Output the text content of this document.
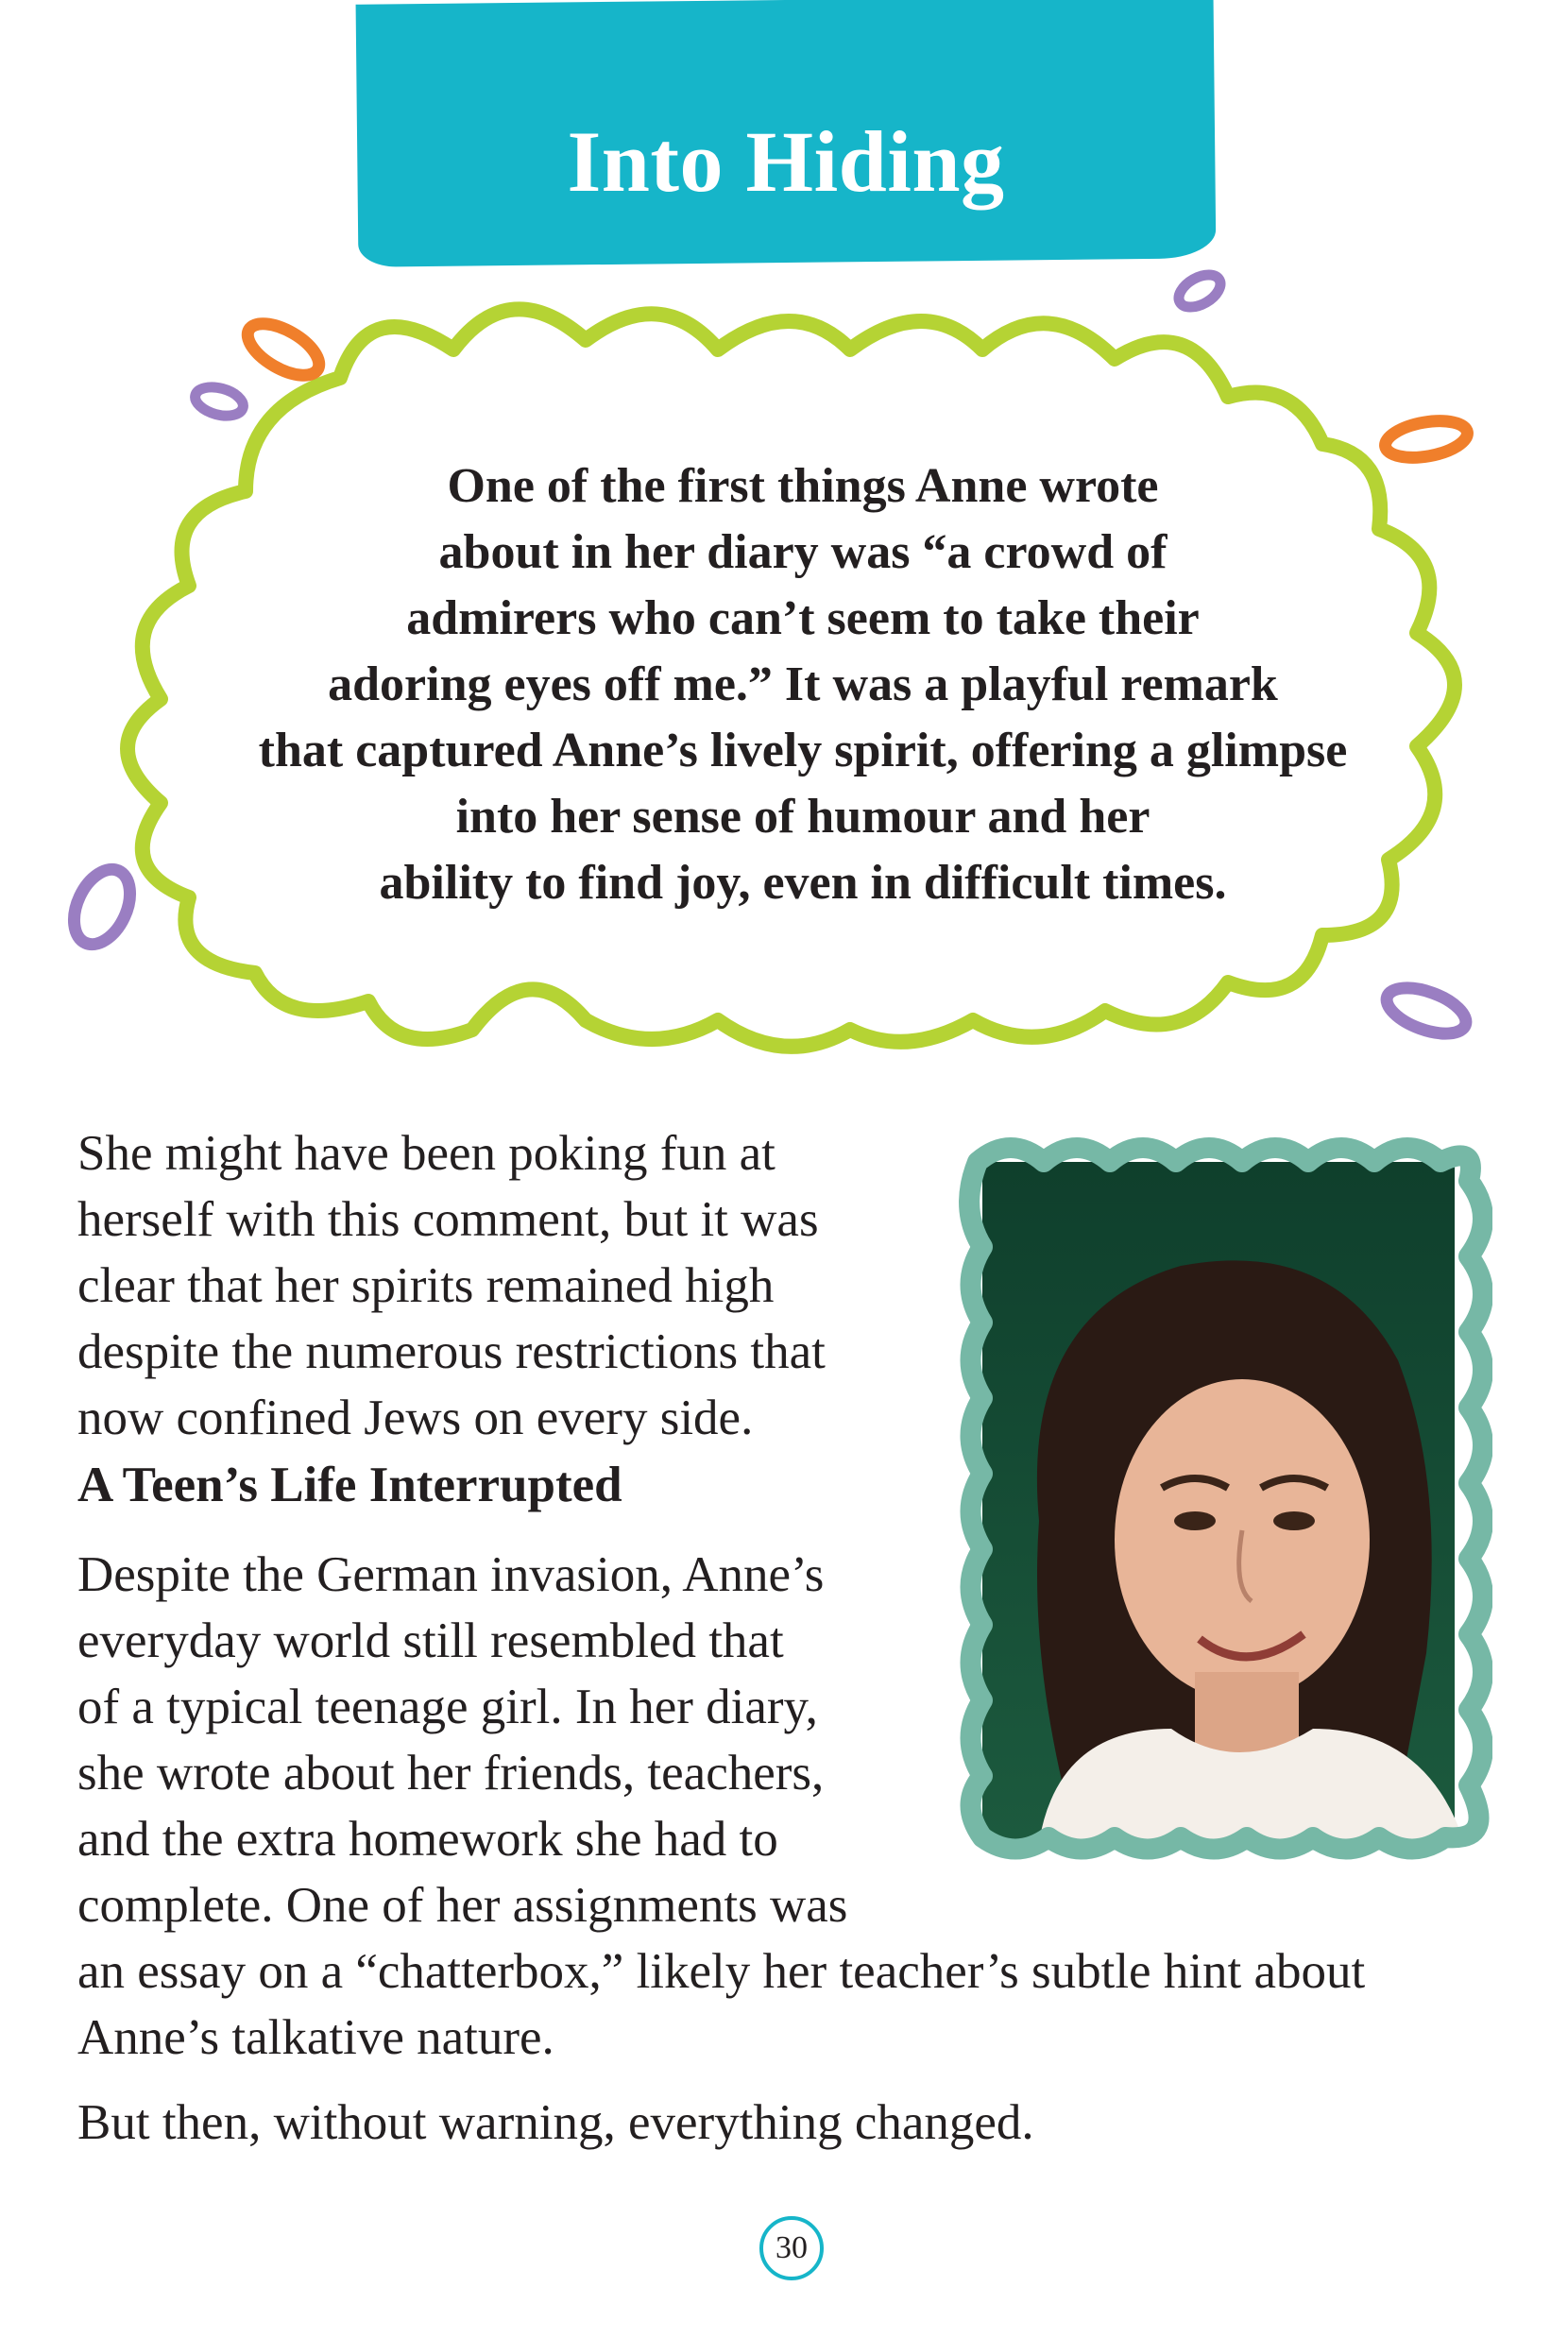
Into Hiding
One of the first things Anne wrote
about in her diary was “a crowd of
admirers who can’t seem to take their
adoring eyes off me.” It was a playful remark
that captured Anne’s lively spirit, offering a glimpse
into her sense of humour and her
ability to find joy, even in difficult times.
She might have been poking fun at
herself with this comment, but it was
clear that her spirits remained high
despite the numerous restrictions that
now confined Jews on every side.
A Teen’s Life Interrupted
Despite the German invasion, Anne’s
everyday world still resembled that
of a typical teenage girl. In her diary,
she wrote about her friends, teachers,
and the extra homework she had to
complete. One of her assignments was
an essay on a “chatterbox,” likely her teacher’s subtle hint about
Anne’s talkative nature.
But then, without warning, everything changed.
30
